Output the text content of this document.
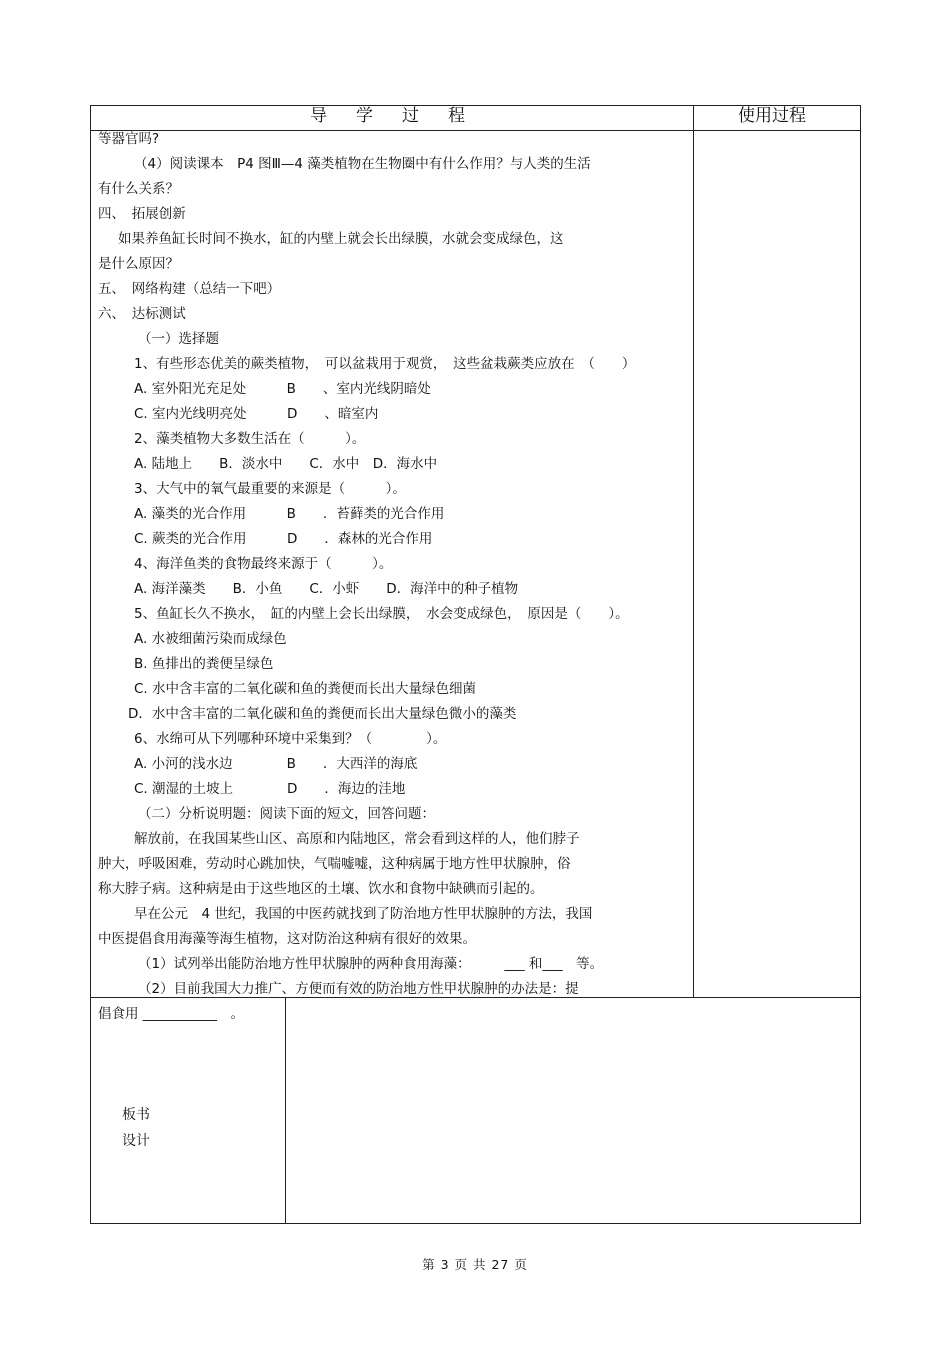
导　学　过　程	使用过程
等器官吗?
（4）阅读课本　P4 图Ⅲ—4 藻类植物在生物圈中有什么作用？与人类的生活
有什么关系？
四、　拓展创新
如果养鱼缸长时间不换水，缸的内壁上就会长出绿膜，水就会变成绿色，这
是什么原因？
五、　网络构建（总结一下吧）
六、　达标测试
（一）选择题
1、有些形态优美的蕨类植物，　可以盆栽用于观赏，　这些盆栽蕨类应放在　（　　）
A. 室外阳光充足处　　　B　　、室内光线阴暗处
C. 室内光线明亮处　　　D　　、暗室内
2、藻类植物大多数生活在（　　　）。
A. 陆地上　　B．淡水中　　C．水中　D．海水中
3、大气中的氧气最重要的来源是（　　　）。
A. 藻类的光合作用　　　B　　．苔藓类的光合作用
C. 蕨类的光合作用　　　D　　．森林的光合作用
4、海洋鱼类的食物最终来源于（　　　）。
A. 海洋藻类　　B．小鱼　　C．小虾　　D．海洋中的种子植物
5、鱼缸长久不换水，　缸的内壁上会长出绿膜，　水会变成绿色，　原因是（　　）。
A. 水被细菌污染而成绿色
B. 鱼排出的粪便呈绿色
C. 水中含丰富的二氧化碳和鱼的粪便而长出大量绿色细菌
D．水中含丰富的二氧化碳和鱼的粪便而长出大量绿色微小的藻类
6、水绵可从下列哪种环境中采集到？（　　　　）。
A. 小河的浅水边　　　　B　　．大西洋的海底
C. 潮湿的土坡上　　　　D　　．海边的洼地
（二）分析说明题：阅读下面的短文，回答问题：
解放前，在我国某些山区、高原和内陆地区，常会看到这样的人，他们脖子
肿大，呼吸困难，劳动时心跳加快，气喘嘘嘘，这种病属于地方性甲状腺肿，俗
称大脖子病。这种病是由于这些地区的土壤、饮水和食物中缺碘而引起的。
早在公元　4 世纪，我国的中医药就找到了防治地方性甲状腺肿的方法，我国
中医提倡食用海藻等海生植物，这对防治这种病有很好的效果。
（1）试列举出能防治地方性甲状腺肿的两种食用海藻：　　　___ 和___　等。
（2）目前我国大力推广、方便而有效的防治地方性甲状腺肿的办法是：提
倡食用 ___________　。
板书
设计
第 3 页 共 27 页
